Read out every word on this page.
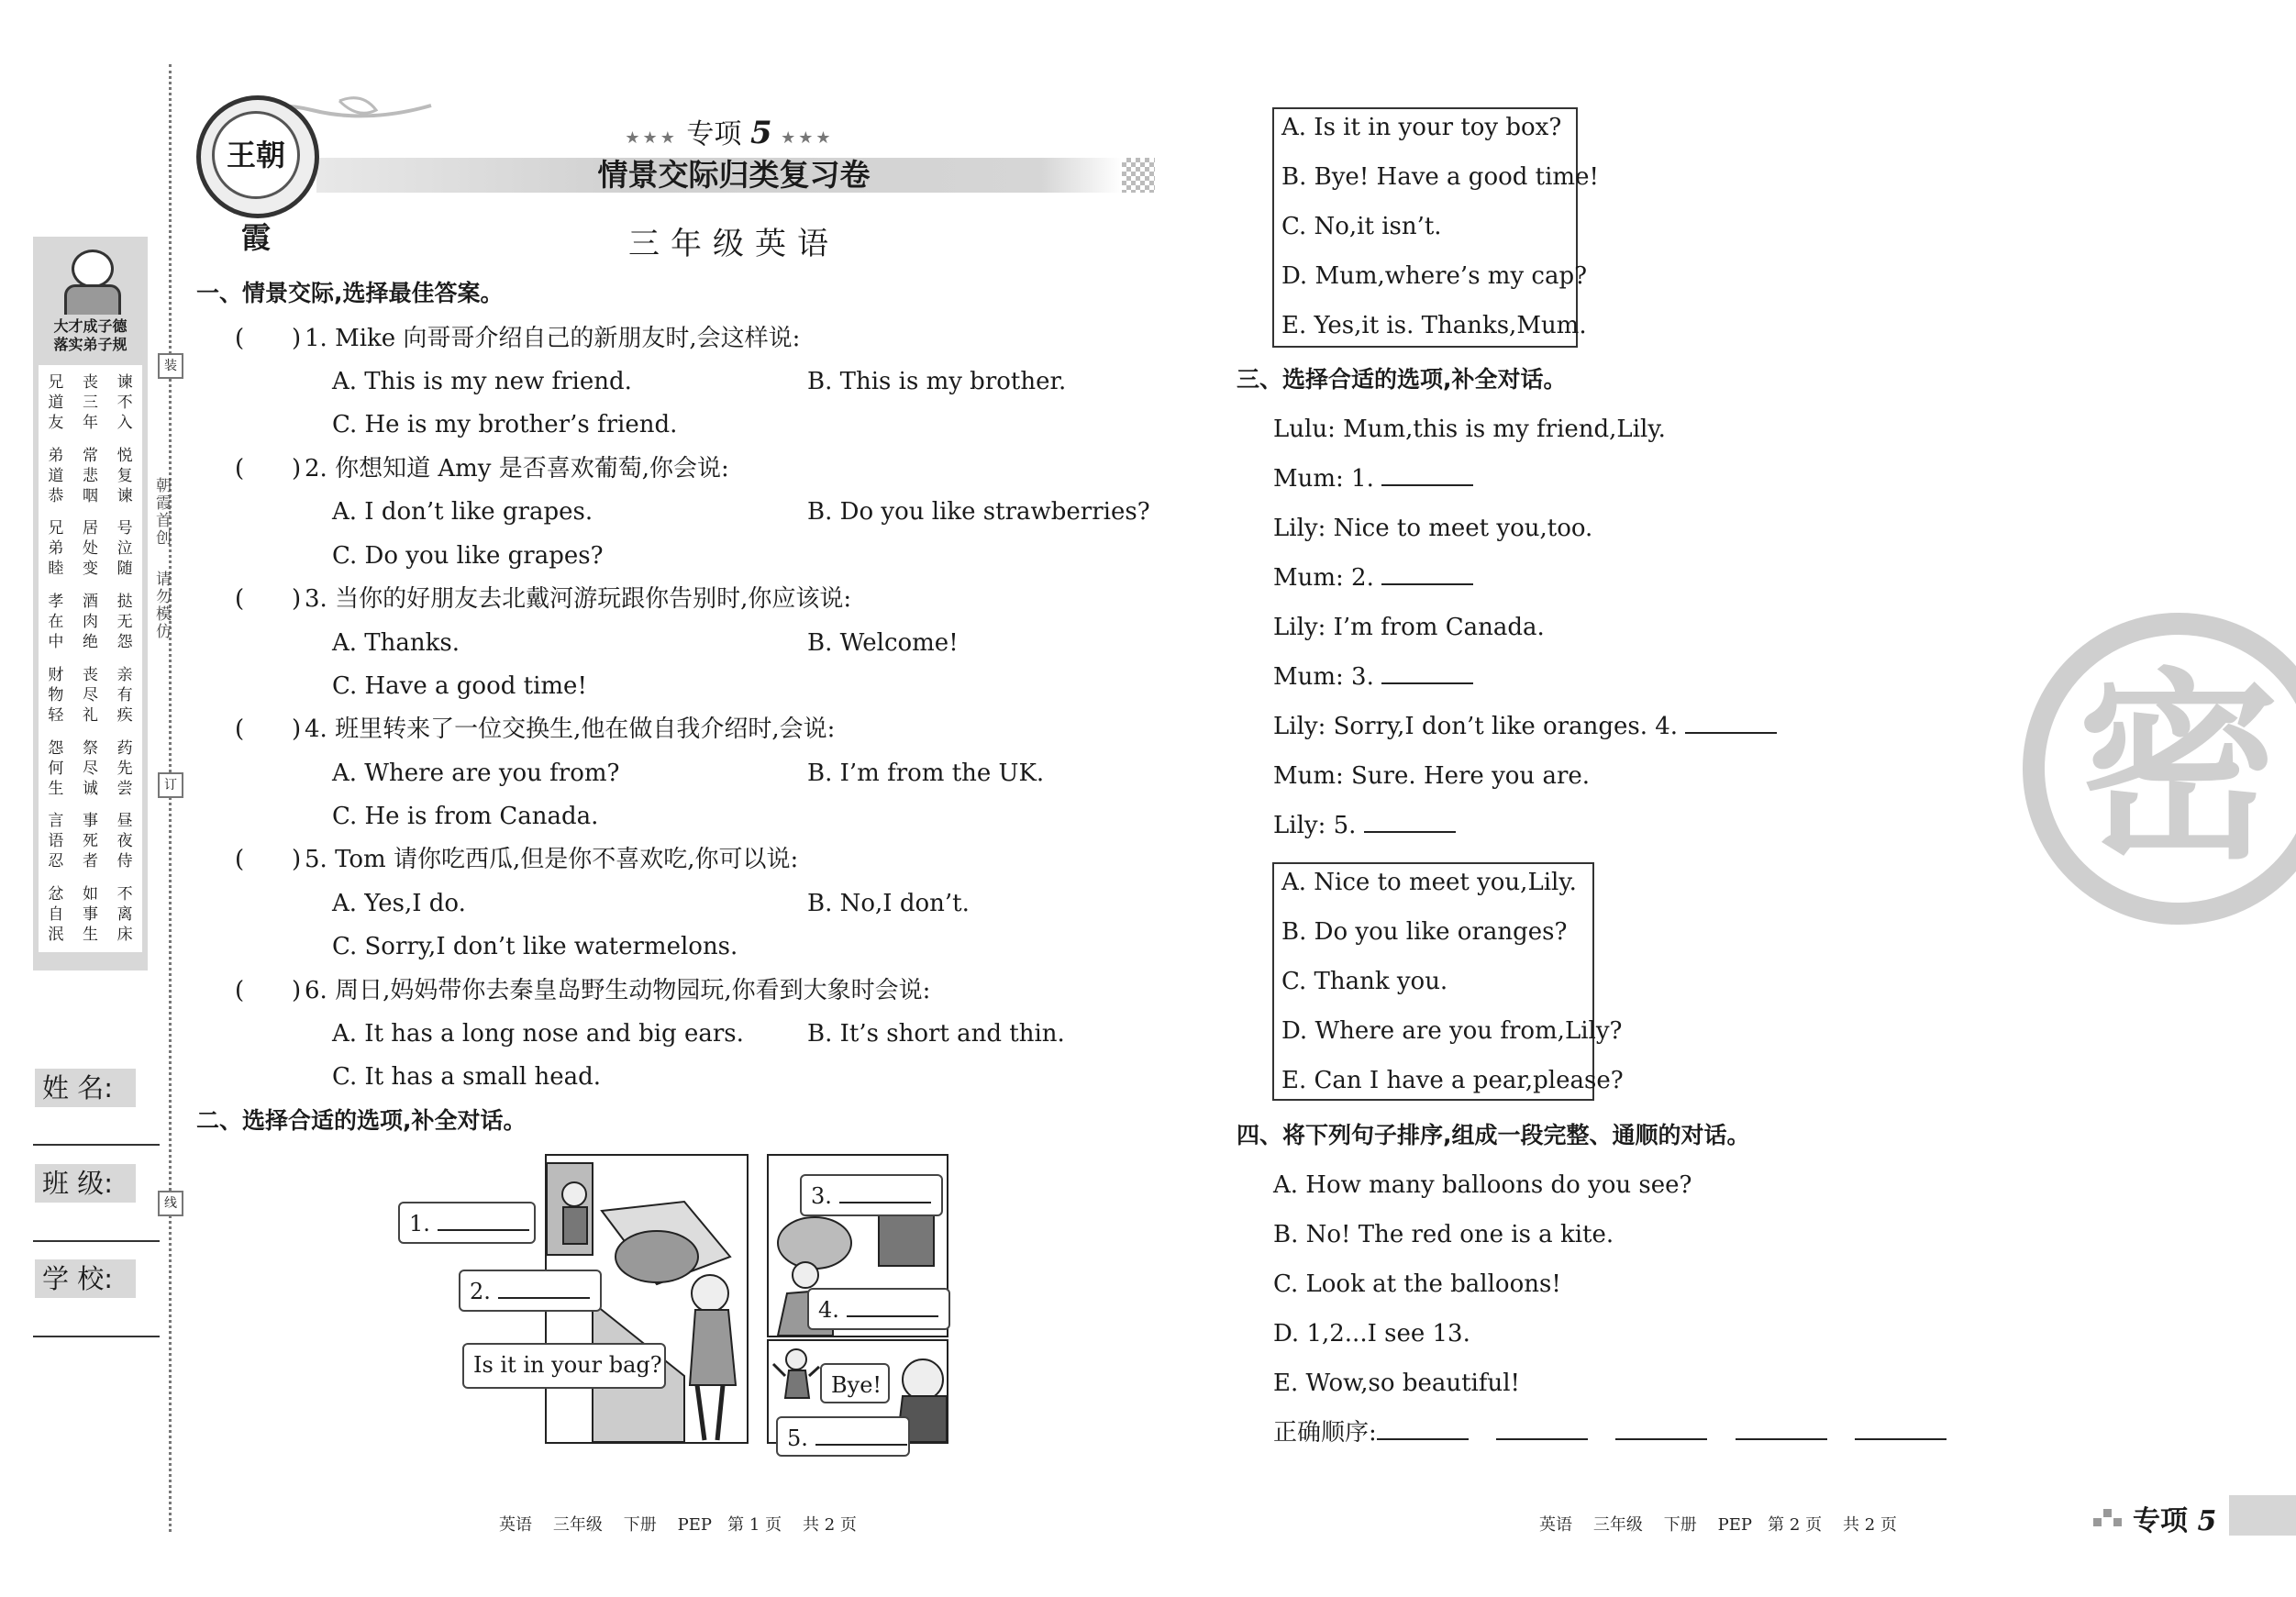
大才成子德
落实弟子规
兄道友
丧三年
谏不入
弟道恭
常悲咽
悦复谏
兄弟睦
居处变
号泣随
孝在中
酒肉绝
挞无怨
财物轻
丧尽礼
亲有疾
怨何生
祭尽诚
药先尝
言语忍
事死者
昼夜侍
忿自泯
如事生
不离床
装
订
线
朝霞首创
请勿模仿
姓 名:
班 级:
学 校:
王朝霞
★★★ 专项 5 ★★★
情景交际归类复习卷
三年级英语
一、情景交际,选择最佳答案。
( ) 1. Mike 向哥哥介绍自己的新朋友时,会这样说:
A. This is my new friend.	B. This is my brother.
C. He is my brother’s friend.
( ) 2. 你想知道 Amy 是否喜欢葡萄,你会说:
A. I don’t like grapes.	B. Do you like strawberries?
C. Do you like grapes?
( ) 3. 当你的好朋友去北戴河游玩跟你告别时,你应该说:
A. Thanks.	B. Welcome!
C. Have a good time!
( ) 4. 班里转来了一位交换生,他在做自我介绍时,会说:
A. Where are you from?	B. I’m from the UK.
C. He is from Canada.
( ) 5. Tom 请你吃西瓜,但是你不喜欢吃,你可以说:
A. Yes,I do.	B. No,I don’t.
C. Sorry,I don’t like watermelons.
( ) 6. 周日,妈妈带你去秦皇岛野生动物园玩,你看到大象时会说:
A. It has a long nose and big ears.	B. It’s short and thin.
C. It has a small head.
二、选择合适的选项,补全对话。
1.
2.
Is it in your bag?
3.
4.
Bye!
5.
A. Is it in your toy box?
B. Bye! Have a good time!
C. No,it isn’t.
D. Mum,where’s my cap?
E. Yes,it is. Thanks,Mum.
三、选择合适的选项,补全对话。
Lulu: Mum,this is my friend,Lily.
Mum: 1.
Lily: Nice to meet you,too.
Mum: 2.
Lily: I’m from Canada.
Mum: 3.
Lily: Sorry,I don’t like oranges. 4.
Mum: Sure. Here you are.
Lily: 5.
A. Nice to meet you,Lily.
B. Do you like oranges?
C. Thank you.
D. Where are you from,Lily?
E. Can I have a pear,please?
四、将下列句子排序,组成一段完整、通顺的对话。
A. How many balloons do you see?
B. No! The red one is a kite.
C. Look at the balloons!
D. 1,2...I see 13.
E. Wow,so beautiful!
正确顺序:
密
英语    三年级    下册    PEP   第 1 页    共 2 页	英语    三年级    下册    PEP   第 2 页    共 2 页	专项 5
